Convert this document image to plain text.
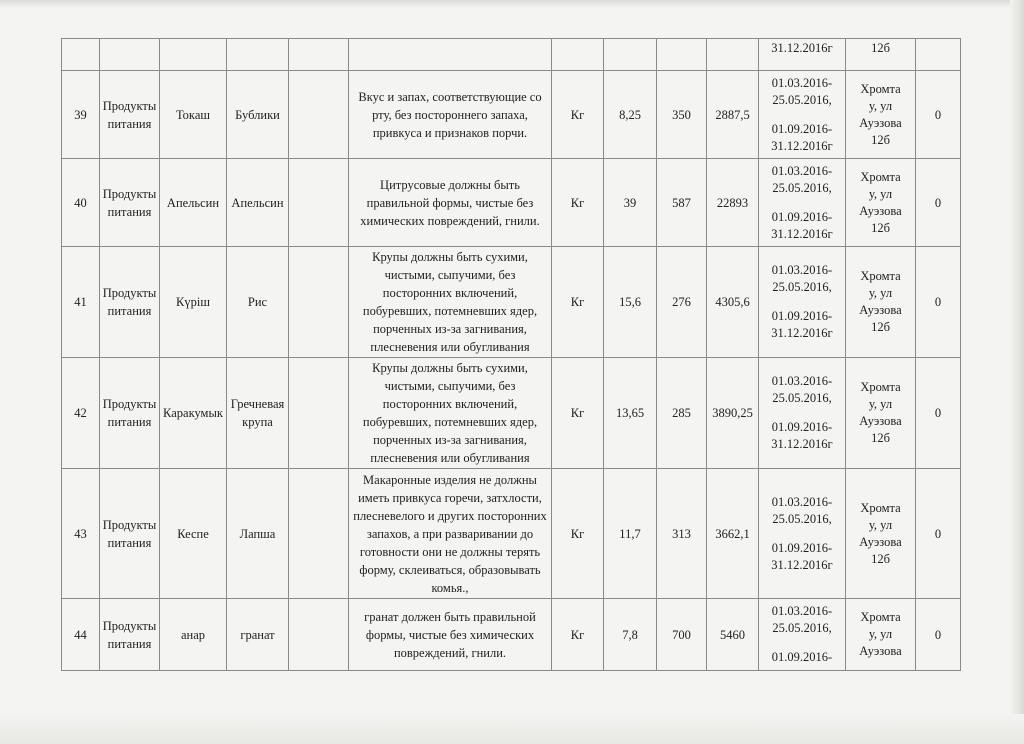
										31.12.2016г	12б	
39	Продукты питания	Токаш	Бублики		Вкус и запах, соответствующие со рту, без постороннего запаха, привкуса и признаков порчи.	Кг	8,25	350	2887,5	01.03.2016-25.05.2016,
01.09.2016-31.12.2016г	Хромта
у, ул
Ауэзова
12б	0
40	Продукты питания	Апельсин	Апельсин		Цитрусовые должны быть правильной формы, чистые без химических повреждений, гнили.	Кг	39	587	22893	01.03.2016-25.05.2016,
01.09.2016-31.12.2016г	Хромта
у, ул
Ауэзова
12б	0
41	Продукты питания	Күріш	Рис		Крупы должны быть сухими, чистыми, сыпучими, без посторонних включений, побуревших, потемневших ядер, порченных из-за загнивания, плесневения или обугливания	Кг	15,6	276	4305,6	01.03.2016-25.05.2016,
01.09.2016-31.12.2016г	Хромта
у, ул
Ауэзова
12б	0
42	Продукты питания	Каракумык	Гречневая крупа		Крупы должны быть сухими, чистыми, сыпучими, без посторонних включений, побуревших, потемневших ядер, порченных из-за загнивания, плесневения или обугливания	Кг	13,65	285	3890,25	01.03.2016-25.05.2016,
01.09.2016-31.12.2016г	Хромта
у, ул
Ауэзова
12б	0
43	Продукты питания	Кеспе	Лапша		Макаронные изделия не должны иметь привкуса горечи, затхлости, плесневелого и других посторонних запахов, а при разваривании до готовности они не должны терять форму, склеиваться, образовывать комья.,	Кг	11,7	313	3662,1	01.03.2016-25.05.2016,
01.09.2016-31.12.2016г	Хромта
у, ул
Ауэзова
12б	0
44	Продукты питания	анар	гранат		гранат должен быть правильной формы, чистые без химических повреждений, гнили.	Кг	7,8	700	5460	01.03.2016-25.05.2016,
01.09.2016-	Хромта
у, ул
Ауэзова	0
